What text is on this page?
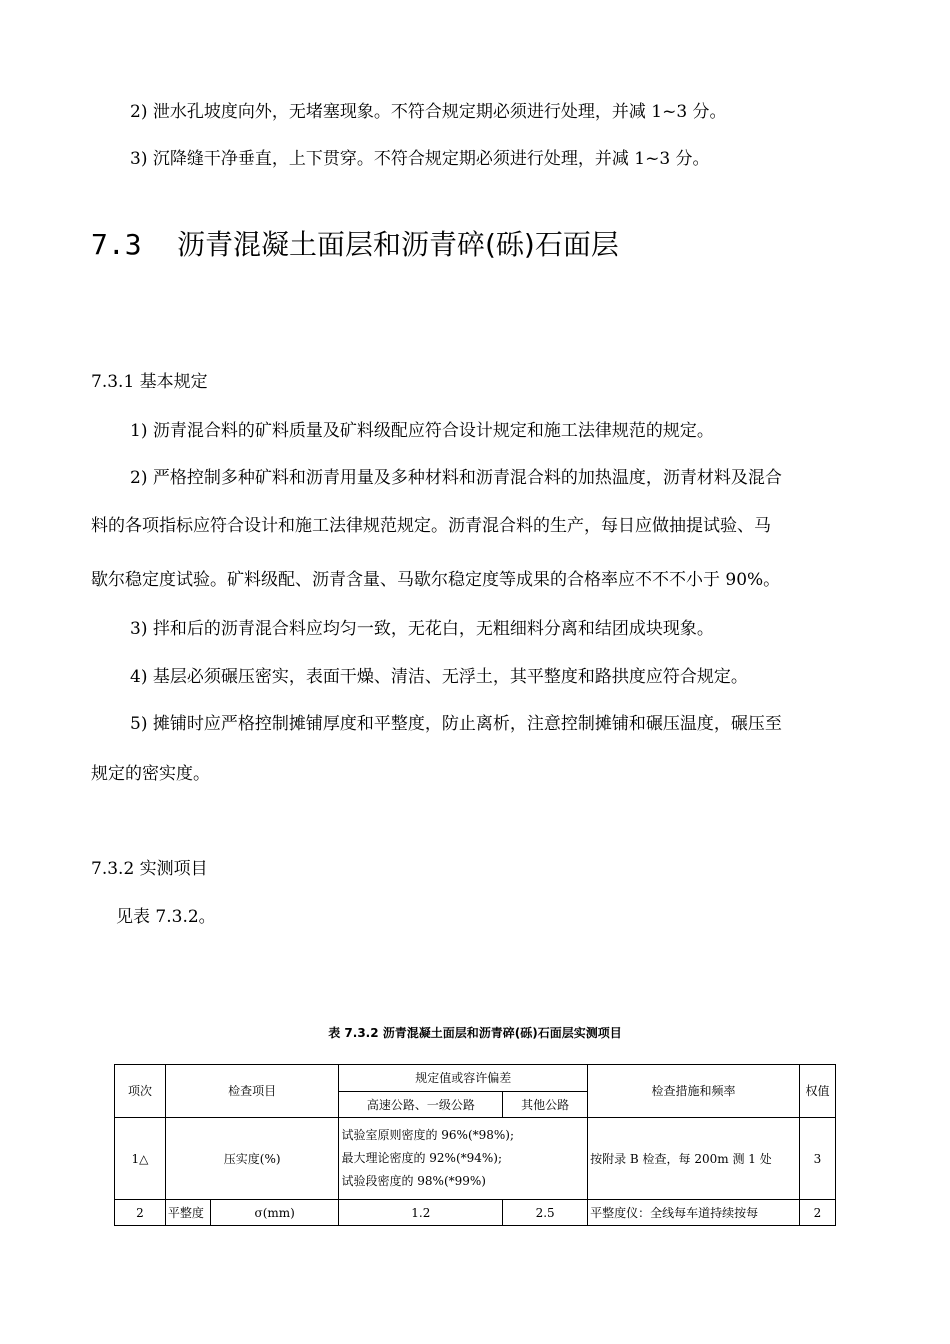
2) 泄水孔坡度向外，无堵塞现象。不符合规定期必须进行处理，并减 1~3 分。
3) 沉降缝干净垂直，上下贯穿。不符合规定期必须进行处理，并减 1~3 分。
7.3 沥青混凝土面层和沥青碎(砾)石面层
7.3.1 基本规定
1) 沥青混合料的矿料质量及矿料级配应符合设计规定和施工法律规范的规定。
2) 严格控制多种矿料和沥青用量及多种材料和沥青混合料的加热温度，沥青材料及混合
料的各项指标应符合设计和施工法律规范规定。沥青混合料的生产，每日应做抽提试验、马
歇尔稳定度试验。矿料级配、沥青含量、马歇尔稳定度等成果的合格率应不不不小于 90%。
3) 拌和后的沥青混合料应均匀一致，无花白，无粗细料分离和结团成块现象。
4) 基层必须碾压密实，表面干燥、清洁、无浮土，其平整度和路拱度应符合规定。
5) 摊铺时应严格控制摊铺厚度和平整度，防止离析，注意控制摊铺和碾压温度，碾压至
规定的密实度。
7.3.2 实测项目
见表 7.3.2。
表 7.3.2 沥青混凝土面层和沥青碎(砾)石面层实测项目
项次	检查项目		规定值或容许偏差		检查措施和频率	权值
			高速公路、一级公路	其他公路		
1△	压实度(%)		试验室原则密度的 96%(*98%);
最大理论密度的 92%(*94%);
试验段密度的 98%(*99%)		按附录 B 检查，每 200m 测 1 处	3
2	平整度	σ(mm)	1.2	2.5	平整度仪：全线每车道持续按每	2
